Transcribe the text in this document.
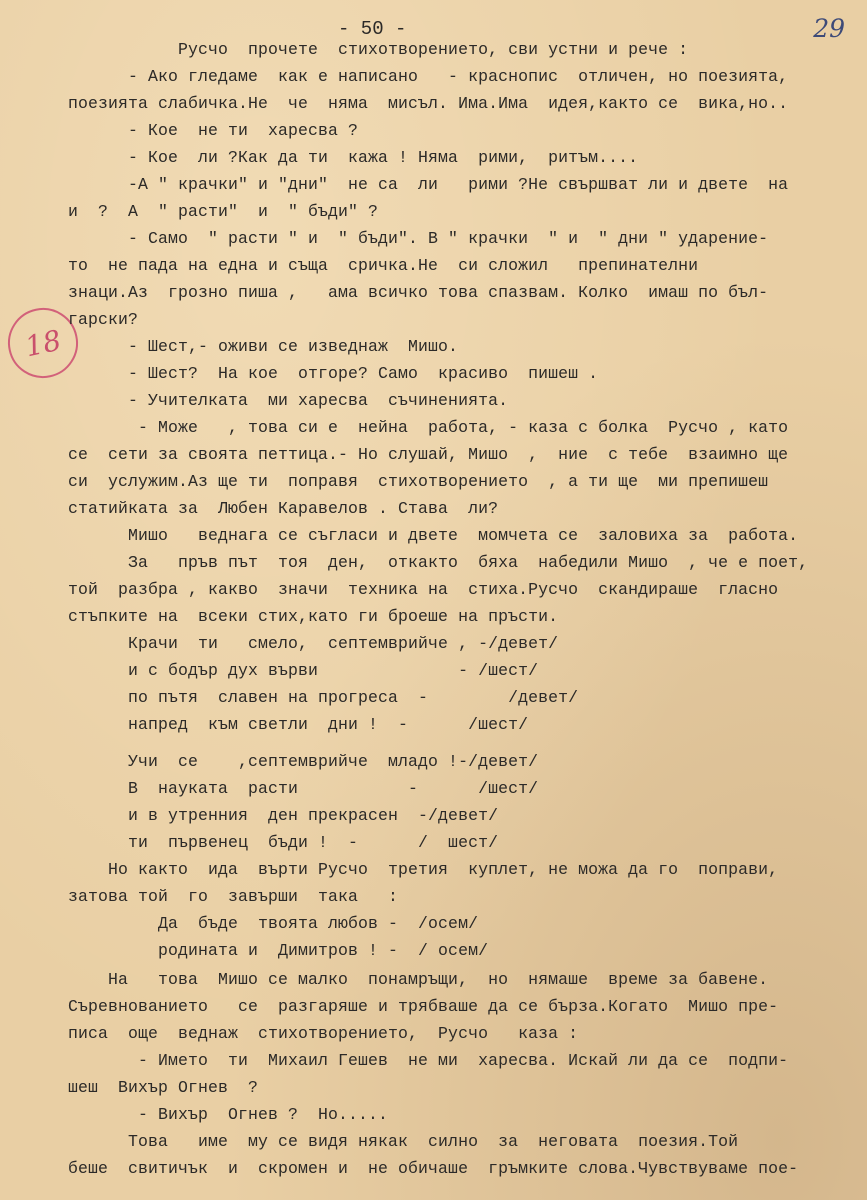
- 50 -	29
18
Русчо  прочете  стихотворението, сви устни и рече :
- Ако гледаме  как е написано   - краснопис  отличен, но поезията,
поезията слабичка.Не  че  няма  мисъл. Има.Има  идея,както се  вика,но..
- Кое  не ти  харесва ?
- Кое  ли ?Как да ти  кажа ! Няма  рими,  ритъм....
-А " крачки" и "дни"  не са  ли   рими ?Не свършват ли и двете  на
и  ?  А  " расти"  и  " бъди" ?
- Само  " расти " и  " бъди". В " крачки  " и  " дни " ударение-
то  не пада на една и съща  сричка.Не  си сложил   препинателни
знаци.Аз  грозно пиша ,   ама всичко това спазвам. Колко  имаш по бъл-
гарски?
- Шест,- оживи се изведнаж  Мишо.
- Шест?  На кое  отгоре? Само  красиво  пишеш .
- Учителката  ми харесва  съчиненията.
- Може   , това си е  нейна  работа, - каза с болка  Русчо , като
се  сети за своята петтица.- Но слушай, Мишо  ,  ние  с тебе  взаимно ще
си  услужим.Аз ще ти  поправя  стихотворението  , а ти ще  ми препишеш
статийката за  Любен Каравелов . Става  ли?
Мишо   веднага се съгласи и двете  момчета се  заловиха за  работа.
За   пръв път  тоя  ден,  откакто  бяха  набедили Мишо  , че е поет,
той  разбра , какво  значи  техника на  стиха.Русчо  скандираше  гласно
стъпките на  всеки стих,като ги броеше на пръсти.
Крачи  ти   смело,  септемврийче , -/девет/
и с бодър дух върви              - /шест/
по пътя  славен на прогреса  -        /девет/
напред  към светли  дни !  -      /шест/
Учи  се    ,септемврийче  младо !-/девет/
В  науката  расти           -      /шест/
и в утренния  ден прекрасен  -/девет/
ти  първенец  бъди !  -      /  шест/
Но както  ида  върти Русчо  третия  куплет, не можа да го  поправи,
затова той  го  завърши  така   :
Да  бъде  твоята любов -  /осем/
родината и  Димитров ! -  / осем/
На   това  Мишо се малко  понамръщи,  но  нямаше  време за бавене.
Съревнованието   се  разгаряше и трябваше да се бърза.Когато  Мишо пре-
писа  още  веднаж  стихотворението,  Русчо   каза :
- Името  ти  Михаил Гешев  не ми  харесва. Искай ли да се  подпи-
шеш  Вихър Огнев  ?
- Вихър  Огнев ?  Но.....
Това   име  му се видя някак  силно  за  неговата  поезия.Той
беше  свитичък  и  скромен и  не обичаше  гръмките слова.Чувствуваме пое-
